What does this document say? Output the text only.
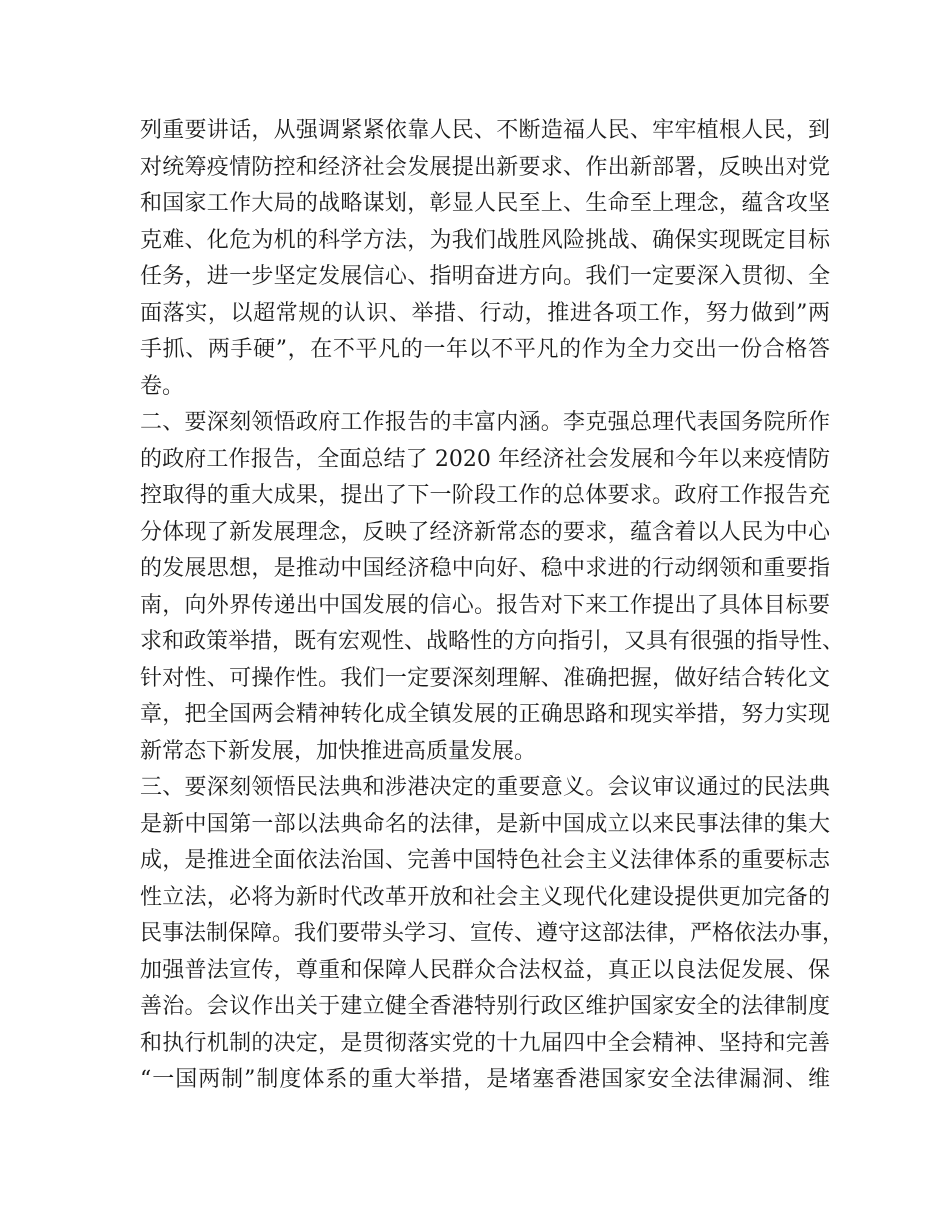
列重要讲话，从强调紧紧依靠人民、不断造福人民、牢牢植根人民，到
对统筹疫情防控和经济社会发展提出新要求、作出新部署，反映出对党
和国家工作大局的战略谋划，彰显人民至上、生命至上理念，蕴含攻坚
克难、化危为机的科学方法，为我们战胜风险挑战、确保实现既定目标
任务，进一步坚定发展信心、指明奋进方向。我们一定要深入贯彻、全
面落实，以超常规的认识、举措、行动，推进各项工作，努力做到”两
手抓、两手硬”，在不平凡的一年以不平凡的作为全力交出一份合格答
卷。
二、要深刻领悟政府工作报告的丰富内涵。李克强总理代表国务院所作
的政府工作报告，全面总结了 2020 年经济社会发展和今年以来疫情防
控取得的重大成果，提出了下一阶段工作的总体要求。政府工作报告充
分体现了新发展理念，反映了经济新常态的要求，蕴含着以人民为中心
的发展思想，是推动中国经济稳中向好、稳中求进的行动纲领和重要指
南，向外界传递出中国发展的信心。报告对下来工作提出了具体目标要
求和政策举措，既有宏观性、战略性的方向指引，又具有很强的指导性、
针对性、可操作性。我们一定要深刻理解、准确把握，做好结合转化文
章，把全国两会精神转化成全镇发展的正确思路和现实举措，努力实现
新常态下新发展，加快推进高质量发展。
三、要深刻领悟民法典和涉港决定的重要意义。会议审议通过的民法典
是新中国第一部以法典命名的法律，是新中国成立以来民事法律的集大
成，是推进全面依法治国、完善中国特色社会主义法律体系的重要标志
性立法，必将为新时代改革开放和社会主义现代化建设提供更加完备的
民事法制保障。我们要带头学习、宣传、遵守这部法律，严格依法办事，
加强普法宣传，尊重和保障人民群众合法权益，真正以良法促发展、保
善治。会议作出关于建立健全香港特别行政区维护国家安全的法律制度
和执行机制的决定，是贯彻落实党的十九届四中全会精神、坚持和完善
“一国两制”制度体系的重大举措，是堵塞香港国家安全法律漏洞、维
